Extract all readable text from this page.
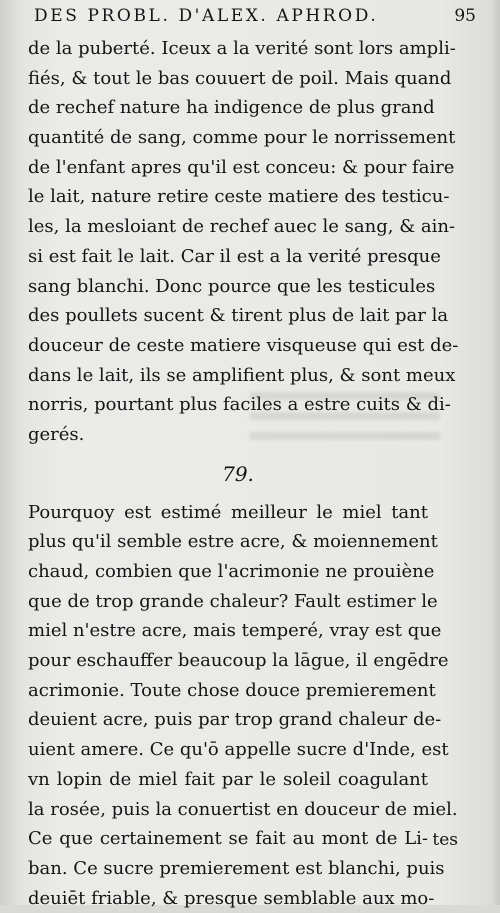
DES PROBL. D'ALEX. APHROD.	95
de la puberté. Iceux a la verité sont lors ampli-
fiés, & tout le bas couuert de poil. Mais quand
de rechef nature ha indigence de plus grand
quantité de sang, comme pour le norrissement
de l'enfant apres qu'il est conceu: & pour faire
le lait, nature retire ceste matiere des testicu-
les, la mesloiant de rechef auec le sang, & ain-
si est fait le lait. Car il est a la verité presque
sang blanchi. Donc pource que les testicules
des poullets sucent & tirent plus de lait par la
douceur de ceste matiere visqueuse qui est de-
dans le lait, ils se amplifient plus, & sont meux
norris, pourtant plus faciles a estre cuits & di-
gerés.
79.
Pourquoy est estimé meilleur le miel tant
plus qu'il semble estre acre, & moiennement
chaud, combien que l'acrimonie ne prouiène
que de trop grande chaleur? Fault estimer le
miel n'estre acre, mais temperé, vray est que
pour eschauffer beaucoup la lāgue, il engēdre
acrimonie. Toute chose douce premierement
deuient acre, puis par trop grand chaleur de-
uient amere. Ce qu'ō appelle sucre d'Inde, est
vn lopin de miel fait par le soleil coagulant
la rosée, puis la conuertist en douceur de miel.
Ce que certainement se fait au mont de Li-
ban. Ce sucre premierement est blanchi, puis
deuiēt friable, & presque semblable aux mo-
tes
